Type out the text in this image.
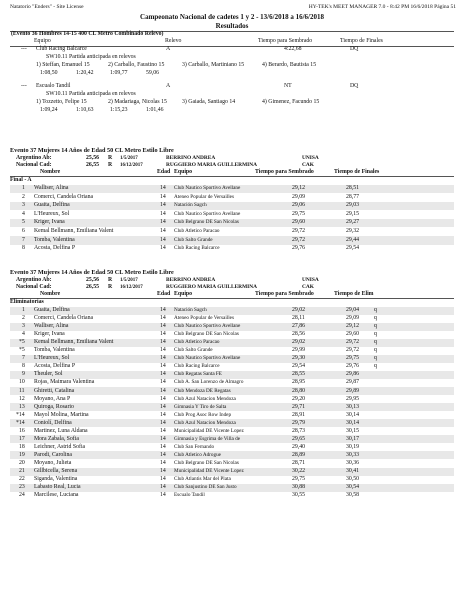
Natatorio "Enders" - Site License	HY-TEK's MEET MANAGER 7.0 - 8:42 PM 16/6/2018 Página 51
Campeonato Nacional de cadetes 1 y 2 - 13/6/2018 a 16/6/2018
Resultados
(Evento 36 Hombres 14-15 400 CL Metro Combinado Relevo)
Equipo	Relevo	Tiempo para Sembrado	Tiempo de Finales
--- Club Racing Balcarce	A	4:22,68	DQ
SW10.11 Partida anticipada en relevos
1) Steffan, Emanuel 15	2) Carballo, Faustino 15	3) Carballo, Martiniano 15	4) Berardo, Bautista 15
1:08,50	1:20,42	1:09,77	59,06
--- Escualo Tandil	A	NT	DQ
SW10.11 Partida anticipada en relevos
1) Tozzetto, Felipe 15	2) Madariaga, Nicolas 15	3) Gaiada, Santiago 14	4) Gimenez, Facundo 15
1:09,24	1:10,63	1:15,23	1:01,46
Evento 37 Mujeres 14 Años de Edad 50 CL Metro Estilo Libre
Argentino Ab:	25,56 R 1/5/2017	BERRINO ANDREA	UNISA
Nacional Cad:	26,55 R 16/12/2017	RUGGIERO MARIA GUILLERMINA	CAK
Nombre	Edad Equipo	Tiempo para Sembrado	Tiempo de Finales
Final - A
1 Walliser, Alina	14 Club Nautico Sportivo Avellane	29,12	28,51
2 Comerci, Candela Oriana	14 Ateneo Popular de Versailles	29,09	28,77
3 Guaita, Delfina	14 Natación Sagch	29,06	29,03
4 L'Heureux, Sol	14 Club Nautico Sportivo Avellane	29,75	29,15
5 Kriger, Ivana	14 Club Belgrano DE San Nicolas	29,60	29,27
6 Kemal Bellmann, Emiliana Valent	14 Club Atletico Paracao	29,72	29,32
7 Tomba, Valentina	14 Club Salto Grande	29,72	29,44
8 Acosta, Delfina P	14 Club Racing Balcarce	29,76	29,54
Evento 37 Mujeres 14 Años de Edad 50 CL Metro Estilo Libre
Argentino Ab:	25,56 R 1/5/2017	BERRINO ANDREA	UNISA
Nacional Cad:	26,55 R 16/12/2017	RUGGIERO MARIA GUILLERMINA	CAK
Nombre	Edad Equipo	Tiempo para Sembrado	Tiempo de Elim
Eliminatorias
1 Guaita, Delfina	14 Natación Sagch	29,02	29,04	q
2 Comerci, Candela Oriana	14 Ateneo Popular de Versailles	28,11	29,09	q
3 Walliser, Alina	14 Club Nautico Sportivo Avellane	27,86	29,12	q
4 Kriger, Ivana	14 Club Belgrano DE San Nicolas	28,56	29,60	q
*5 Kemal Bellmann, Emiliana Valent	14 Club Atletico Paracao	29,02	29,72	q
*5 Tomba, Valentina	14 Club Salto Grande	29,99	29,72	q
7 L'Heureux, Sol	14 Club Nautico Sportivo Avellane	29,30	29,75	q
8 Acosta, Delfina P	14 Club Racing Balcarce	29,54	29,76	q
9 Theuler, Sol	14 Club Regatas Santa FE	28,55	29,86
10 Rojas, Maimara Valentina	14 Club A. San Lorenzo de Almagro	28,95	29,87
11 Ghiretti, Catalina	14 Club Mendoza DE Regatas	28,80	29,89
12 Moyano, Ana P	14 Club Azul Natacion Mendoza	29,20	29,95
13 Quiroga, Rosario	14 Gimnasia Y Tiro de Salta	29,71	30,13
*14 Mayol Molina, Martina	14 Club Prog Asoc Row Indep	28,91	30,14
*14 Coniolí, Delfina	14 Club Azul Natacion Mendoza	29,79	30,14
16 Martinez, Luna Aldana	14 Municipalidad DE Vicente Lopez	28,73	30,15
17 Mora Zabala, Sofia	14 Gimnasia y Esgrima de Villa de	29,65	30,17
18 Leichner, Astrid Sofia	14 Club San Fernando	29,40	30,19
19 Parodi, Carolina	14 Club Atletico Adrogue	28,89	30,33
20 Moyano, Julieta	14 Club Belgrano DE San Nicolas	28,71	30,36
21 Gillbicella, Serena	14 Municipalidad DE Vicente Lopez	30,22	30,41
22 Siganda, Valentina	14 Club Atlantis Mar del Plata	29,75	30,50
23 Labasto Real, Lucia	14 Club Sanjustino DE San Justo	30,88	30,54
24 Marcilese, Luciana	14 Escualo Tandil	30,55	30,58
